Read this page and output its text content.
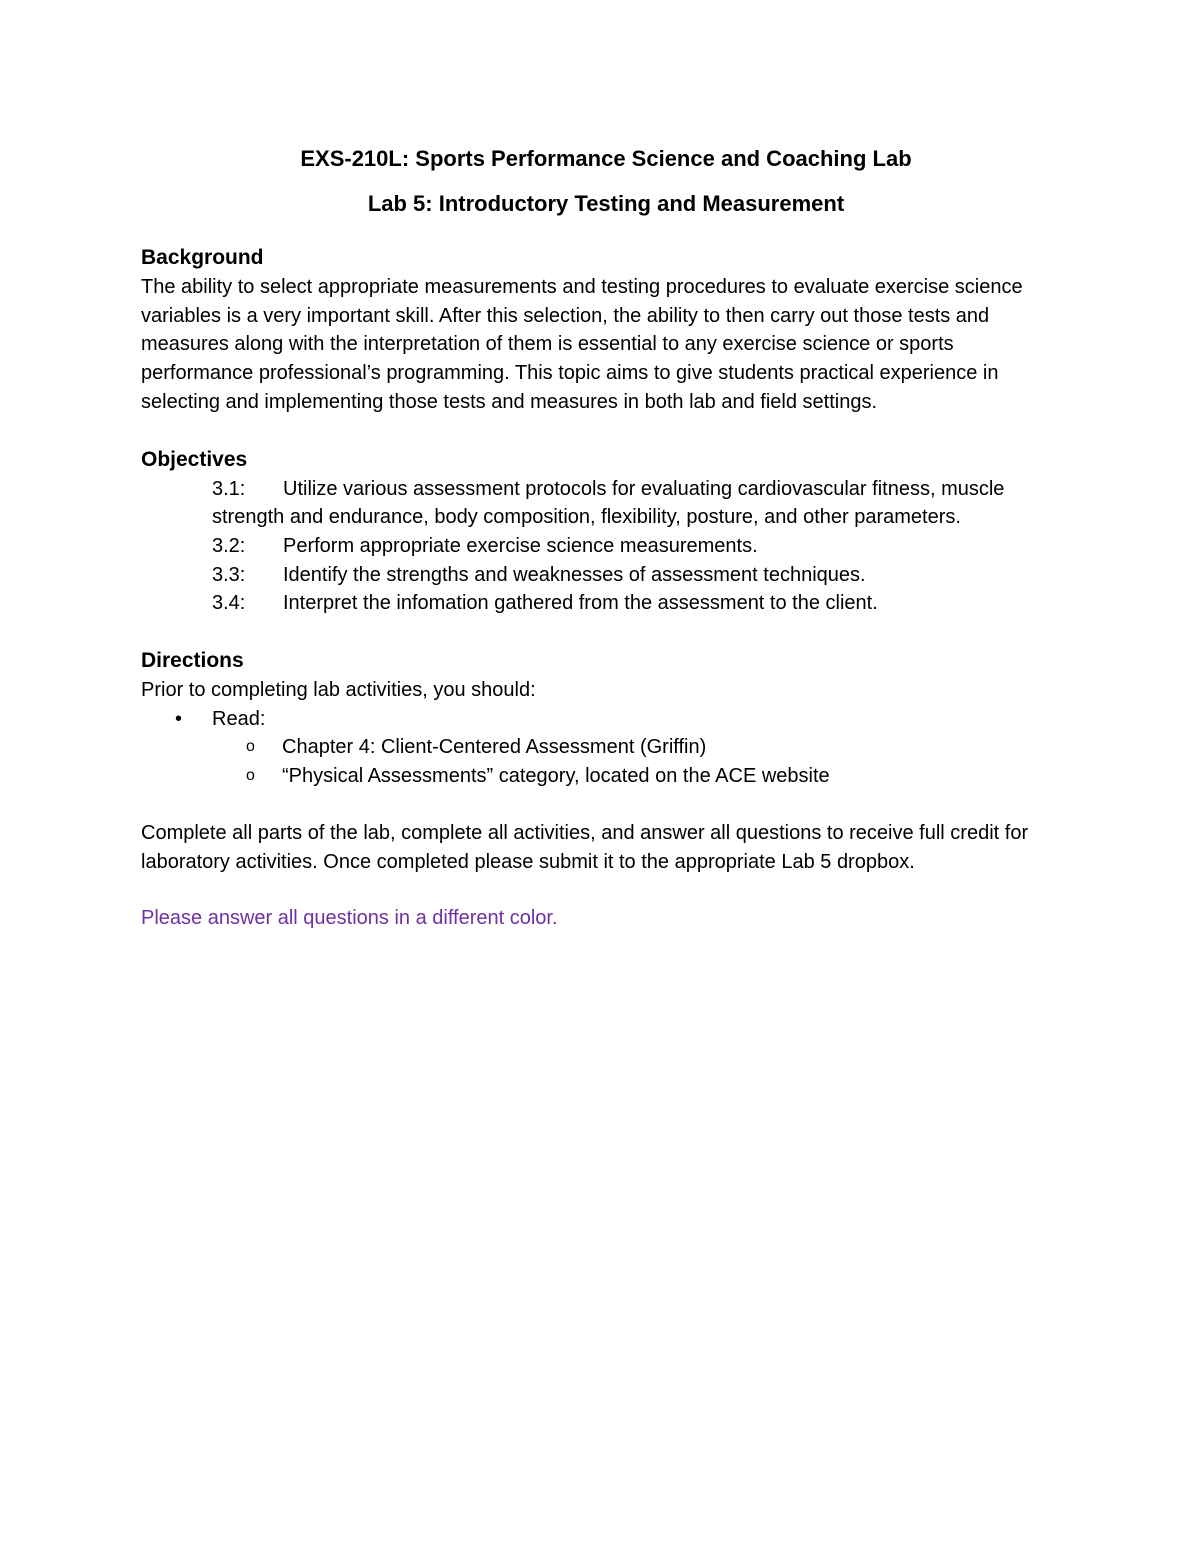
EXS-210L: Sports Performance Science and Coaching Lab

Lab 5: Introductory Testing and Measurement

Background

The ability to select appropriate measurements and testing procedures to evaluate exercise science variables is a very important skill. After this selection, the ability to then carry out those tests and measures along with the interpretation of them is essential to any exercise science or sports performance professional’s programming. This topic aims to give students practical experience in selecting and implementing those tests and measures in both lab and field settings.

Objectives

3.1:	Utilize various assessment protocols for evaluating cardiovascular fitness, muscle strength and endurance, body composition, flexibility, posture, and other parameters.
3.2:	Perform appropriate exercise science measurements.
3.3:	Identify the strengths and weaknesses of assessment techniques.
3.4:	Interpret the infomation gathered from the assessment to the client.

Directions

Prior to completing lab activities, you should:

• Read:
o Chapter 4: Client-Centered Assessment (Griffin)
o “Physical Assessments” category, located on the ACE website

Complete all parts of the lab, complete all activities, and answer all questions to receive full credit for laboratory activities. Once completed please submit it to the appropriate Lab 5 dropbox.

Please answer all questions in a different color.
